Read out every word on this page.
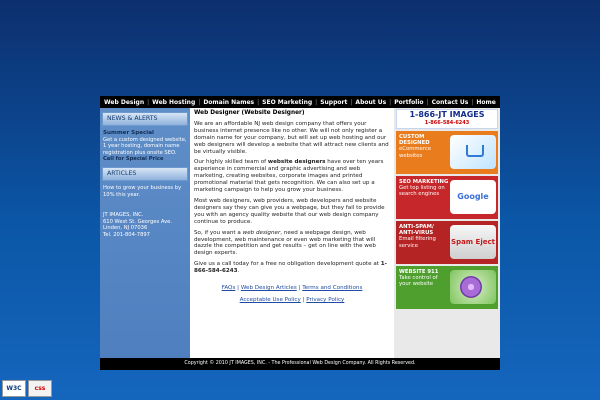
Web Design | Web Hosting | Domain Names | SEO Marketing | Support | About Us | Portfolio | Contact Us | Home
NEWS & ALERTS
Summer Special
Get a custom designed website, 1 year hosting, domain name registration plus onsite SEO.
Call for Special Price
ARTICLES
How to grow your business by 10% this year.
JT IMAGES, INC.
610 West St. Georges Ave.
Linden, NJ 07036
Tel. 201-804-7897
Web Designer (Website Designer)

We are an affordable NJ web design company that offers your business internet presence like no other. We will not only register a domain name for your company, but will set up web hosting and our web designers will develop a website that will attract new clients and be virtually visible.

Our highly skilled team of website designers have over ten years experience in commercial and graphic advertising and web marketing, creating websites, corporate images and printed promotional material that gets recognition. We can also set up a marketing campaign to help you grow your business.

Most web designers, web providers, web developers and website designers say they can give you a webpage, but they fail to provide you with an agency quality website that our web design company continue to produce.

So, if you want a web designer, need a webpage design, web development, web maintenance or even web marketing that will dazzle the competition and get results – get on line with the web design experts.

Give us a call today for a free no obligation development quote at 1-866-584-6243.

FAQs | Web Design Articles | Terms and Conditions
Acceptable Use Policy | Privacy Policy
1-866-JT IMAGES
1-866-584-6243
CUSTOM DESIGNED
eCommerce websites
SEO MARKETING
Get top listing on search engines	Google
ANTI-SPAM/ ANTI-VIRUS
Email filtering service	Spam Eject
WEBSITE 911
Take control of your website
Copyright © 2010 JT IMAGES, INC. - The Professional Web Design Company. All Rights Reserved.
W3C	css
